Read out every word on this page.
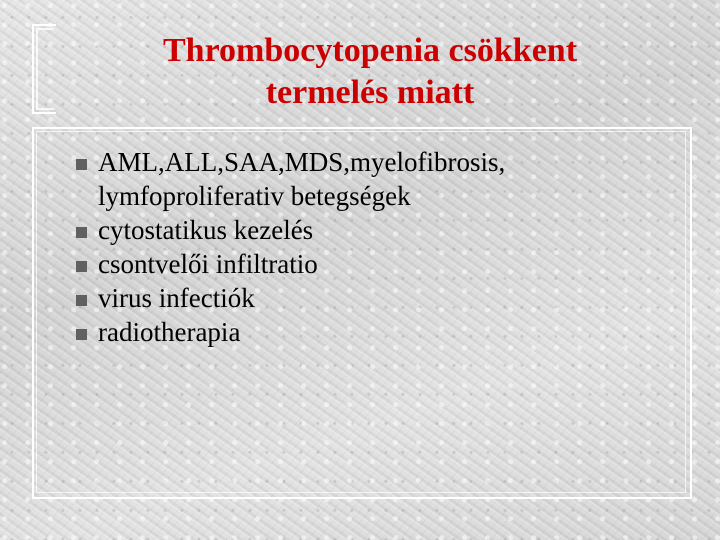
Thrombocytopenia csökkent
termelés miatt
AML,ALL,SAA,MDS,myelofibrosis, lymfoproliferativ betegségek
cytostatikus kezelés
csontvelői infiltratio
virus infectiók
radiotherapia
